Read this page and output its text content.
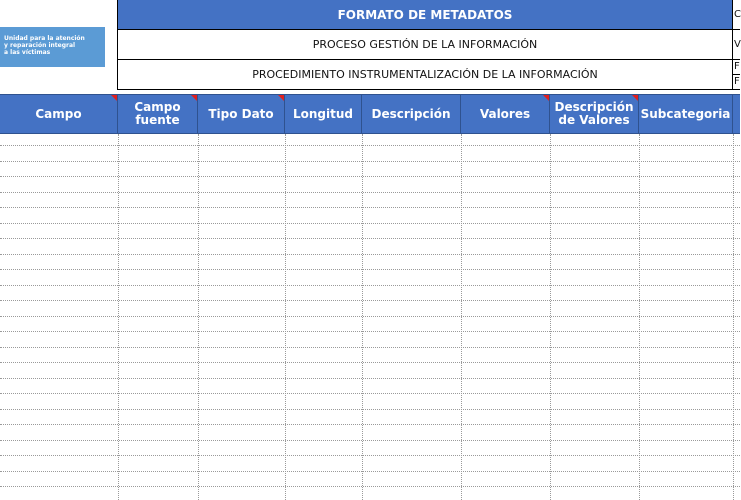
Unidad para la atención
y reparación integral
a las víctimas
FORMATO DE METADATOS
PROCESO GESTIÓN DE LA INFORMACIÓN
PROCEDIMIENTO INSTRUMENTALIZACIÓN DE LA INFORMACIÓN
C
V
F
F
Campo	Campo fuente Tipo Dato Longitud Descripción Valores Descripción de Valores Subcategoria
